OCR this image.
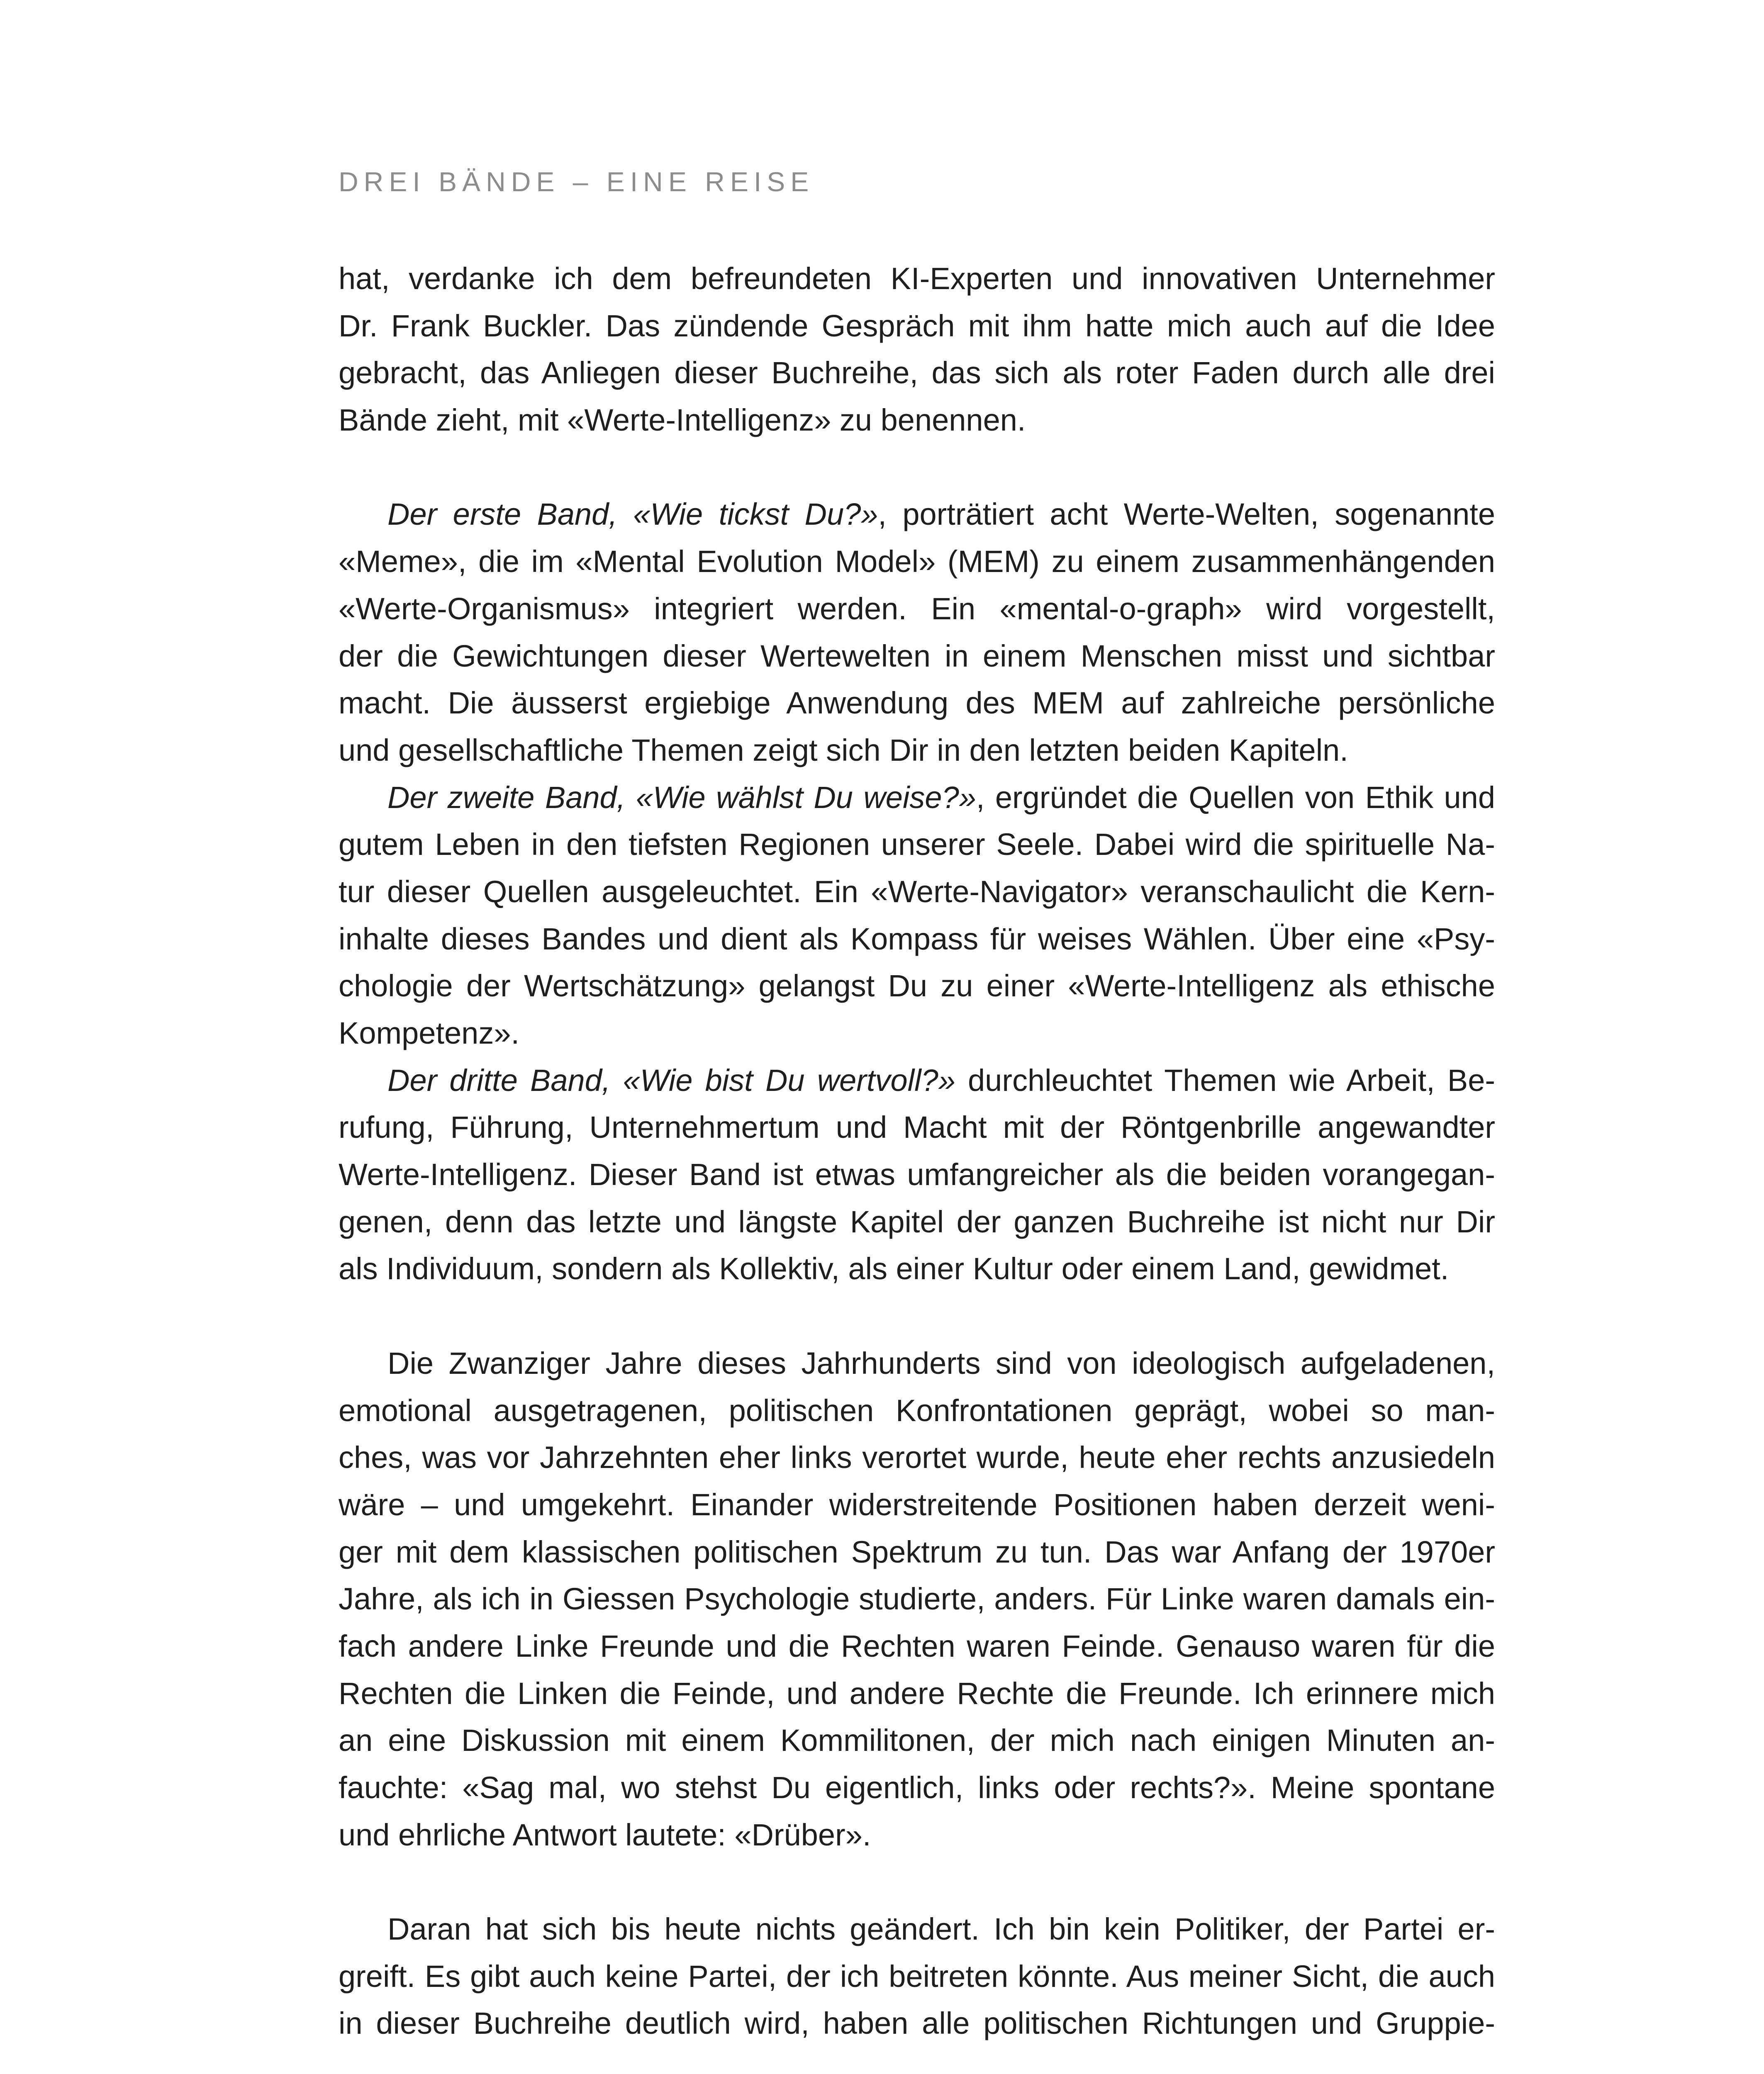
DREI BÄNDE – EINE REISE
hat, verdanke ich dem befreundeten KI-Experten und innovativen Unternehmer
Dr. Frank Buckler. Das zündende Gespräch mit ihm hatte mich auch auf die Idee
gebracht, das Anliegen dieser Buchreihe, das sich als roter Faden durch alle drei
Bände zieht, mit «Werte-Intelligenz» zu benennen.
Der erste Band, «Wie tickst Du?», porträtiert acht Werte-Welten, sogenannte
«Meme», die im «Mental Evolution Model» (MEM) zu einem zusammenhängenden
«Werte-Organismus» integriert werden. Ein «mental-o-graph» wird vorgestellt,
der die Gewichtungen dieser Wertewelten in einem Menschen misst und sichtbar
macht. Die äusserst ergiebige Anwendung des MEM auf zahlreiche persönliche
und gesellschaftliche Themen zeigt sich Dir in den letzten beiden Kapiteln.
Der zweite Band, «Wie wählst Du weise?», ergründet die Quellen von Ethik und
gutem Leben in den tiefsten Regionen unserer Seele. Dabei wird die spirituelle Na-
tur dieser Quellen ausgeleuchtet. Ein «Werte-Navigator» veranschaulicht die Kern-
inhalte dieses Bandes und dient als Kompass für weises Wählen. Über eine «Psy-
chologie der Wertschätzung» gelangst Du zu einer «Werte-Intelligenz als ethische
Kompetenz».
Der dritte Band, «Wie bist Du wertvoll?» durchleuchtet Themen wie Arbeit, Be-
rufung, Führung, Unternehmertum und Macht mit der Röntgenbrille angewandter
Werte-Intelligenz. Dieser Band ist etwas umfangreicher als die beiden vorangegan-
genen, denn das letzte und längste Kapitel der ganzen Buchreihe ist nicht nur Dir
als Individuum, sondern als Kollektiv, als einer Kultur oder einem Land, gewidmet.
Die Zwanziger Jahre dieses Jahrhunderts sind von ideologisch aufgeladenen,
emotional ausgetragenen, politischen Konfrontationen geprägt, wobei so man-
ches, was vor Jahrzehnten eher links verortet wurde, heute eher rechts anzusiedeln
wäre – und umgekehrt. Einander widerstreitende Positionen haben derzeit weni-
ger mit dem klassischen politischen Spektrum zu tun. Das war Anfang der 1970er
Jahre, als ich in Giessen Psychologie studierte, anders. Für Linke waren damals ein-
fach andere Linke Freunde und die Rechten waren Feinde. Genauso waren für die
Rechten die Linken die Feinde, und andere Rechte die Freunde. Ich erinnere mich
an eine Diskussion mit einem Kommilitonen, der mich nach einigen Minuten an-
fauchte: «Sag mal, wo stehst Du eigentlich, links oder rechts?». Meine spontane
und ehrliche Antwort lautete: «Drüber».
Daran hat sich bis heute nichts geändert. Ich bin kein Politiker, der Partei er-
greift. Es gibt auch keine Partei, der ich beitreten könnte. Aus meiner Sicht, die auch
in dieser Buchreihe deutlich wird, haben alle politischen Richtungen und Gruppie-
